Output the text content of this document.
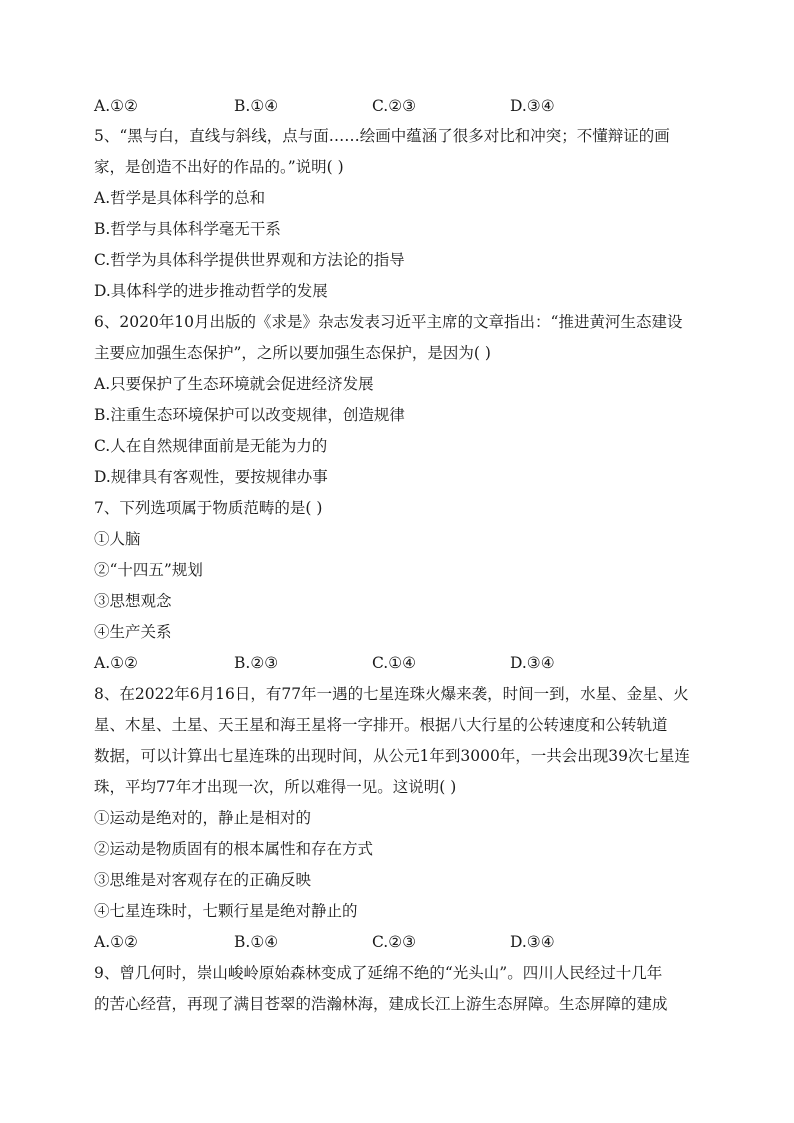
A.①②	B.①④	C.②③	D.③④
5、“黑与白，直线与斜线，点与面……绘画中蕴涵了很多对比和冲突；不懂辩证的画
家，是创造不出好的作品的。”说明( )
A.哲学是具体科学的总和
B.哲学与具体科学毫无干系
C.哲学为具体科学提供世界观和方法论的指导
D.具体科学的进步推动哲学的发展
6、2020年10月出版的《求是》杂志发表习近平主席的文章指出：“推进黄河生态建设
主要应加强生态保护”，之所以要加强生态保护，是因为( )
A.只要保护了生态环境就会促进经济发展
B.注重生态环境保护可以改变规律，创造规律
C.人在自然规律面前是无能为力的
D.规律具有客观性，要按规律办事
7、下列选项属于物质范畴的是( )
①人脑
②“十四五”规划
③思想观念
④生产关系
A.①②	B.②③	C.①④	D.③④
8、在2022年6月16日，有77年一遇的七星连珠火爆来袭，时间一到，水星、金星、火
星、木星、土星、天王星和海王星将一字排开。根据八大行星的公转速度和公转轨道
数据，可以计算出七星连珠的出现时间，从公元1年到3000年，一共会出现39次七星连
珠，平均77年才出现一次，所以难得一见。这说明( )
①运动是绝对的，静止是相对的
②运动是物质固有的根本属性和存在方式
③思维是对客观存在的正确反映
④七星连珠时，七颗行星是绝对静止的
A.①②	B.①④	C.②③	D.③④
9、曾几何时，崇山峻岭原始森林变成了延绵不绝的“光头山”。四川人民经过十几年
的苦心经营，再现了满目苍翠的浩瀚林海，建成长江上游生态屏障。生态屏障的建成
